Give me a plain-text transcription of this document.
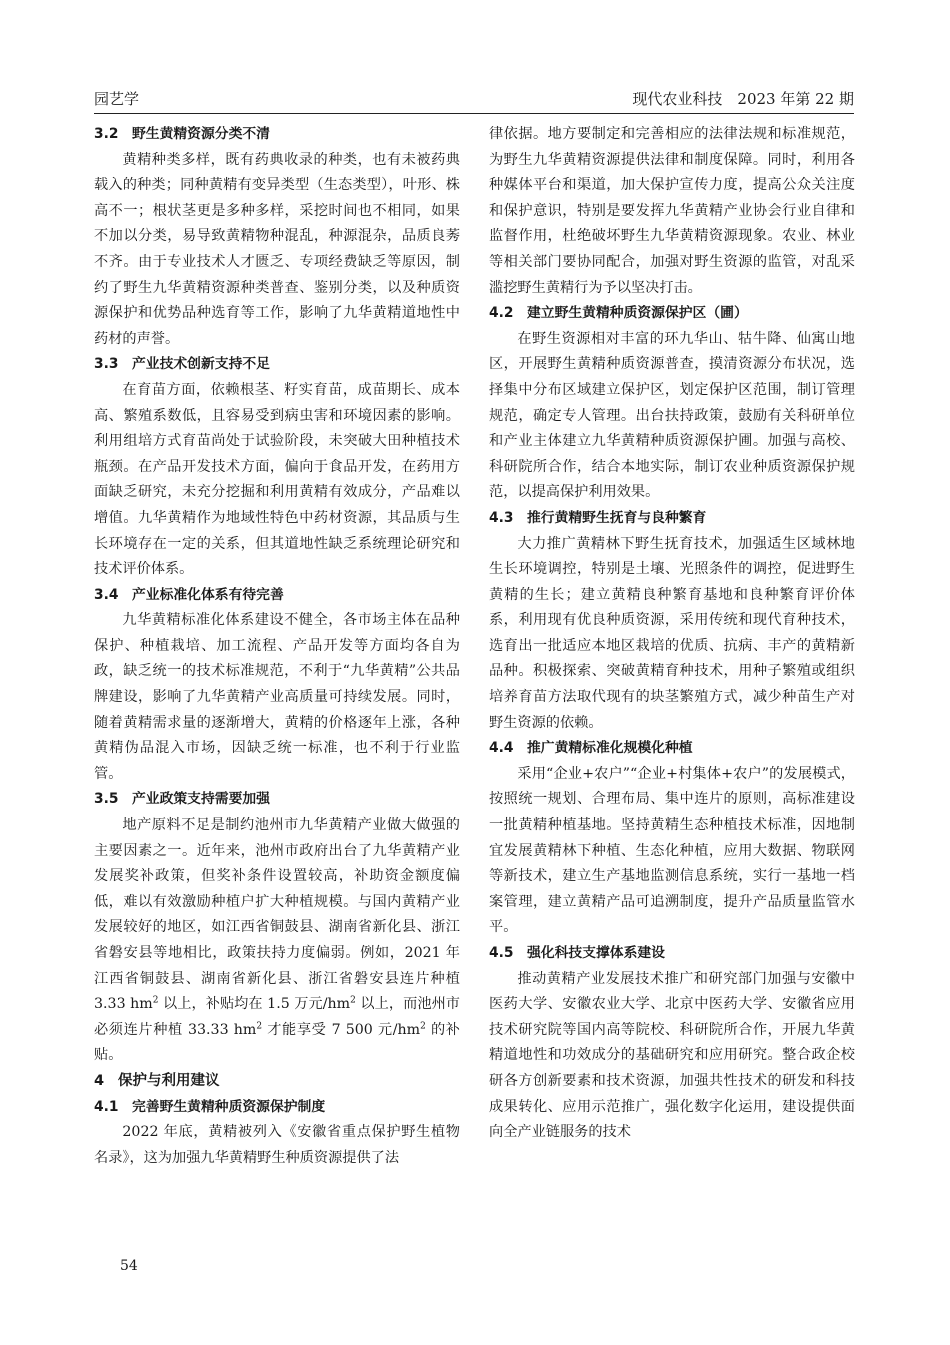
园艺学	现代农业科技　2023 年第 22 期
3.2 野生黄精资源分类不清

黄精种类多样，既有药典收录的种类，也有未被药典载入的种类；同种黄精有变异类型（生态类型），叶形、株高不一；根状茎更是多种多样，采挖时间也不相同，如果不加以分类，易导致黄精物种混乱，种源混杂，品质良莠不齐。由于专业技术人才匮乏、专项经费缺乏等原因，制约了野生九华黄精资源种类普查、鉴别分类，以及种质资源保护和优势品种选育等工作，影响了九华黄精道地性中药材的声誉。

3.3 产业技术创新支持不足

在育苗方面，依赖根茎、籽实育苗，成苗期长、成本高、繁殖系数低，且容易受到病虫害和环境因素的影响。利用组培方式育苗尚处于试验阶段，未突破大田种植技术瓶颈。在产品开发技术方面，偏向于食品开发，在药用方面缺乏研究，未充分挖掘和利用黄精有效成分，产品难以增值。九华黄精作为地域性特色中药材资源，其品质与生长环境存在一定的关系，但其道地性缺乏系统理论研究和技术评价体系。

3.4 产业标准化体系有待完善

九华黄精标准化体系建设不健全，各市场主体在品种保护、种植栽培、加工流程、产品开发等方面均各自为政，缺乏统一的技术标准规范，不利于“九华黄精”公共品牌建设，影响了九华黄精产业高质量可持续发展。同时，随着黄精需求量的逐渐增大，黄精的价格逐年上涨，各种黄精伪品混入市场，因缺乏统一标准，也不利于行业监管。

3.5 产业政策支持需要加强

地产原料不足是制约池州市九华黄精产业做大做强的主要因素之一。近年来，池州市政府出台了九华黄精产业发展奖补政策，但奖补条件设置较高，补助资金额度偏低，难以有效激励种植户扩大种植规模。与国内黄精产业发展较好的地区，如江西省铜鼓县、湖南省新化县、浙江省磐安县等地相比，政策扶持力度偏弱。例如，2021 年江西省铜鼓县、湖南省新化县、浙江省磐安县连片种植 3.33 $hm^2$ 以上，补贴均在 1.5 万元$/hm^2$ 以上，而池州市必须连片种植 33.33 $hm^2$ 才能享受 7 500 元$/hm^2$ 的补贴。

4 保护与利用建议
4.1 完善野生黄精种质资源保护制度

2022 年底，黄精被列入《安徽省重点保护野生植物名录》，这为加强九华黄精野生种质资源提供了法

律依据。地方要制定和完善相应的法律法规和标准规范，为野生九华黄精资源提供法律和制度保障。同时，利用各种媒体平台和渠道，加大保护宣传力度，提高公众关注度和保护意识，特别是要发挥九华黄精产业协会行业自律和监督作用，杜绝破坏野生九华黄精资源现象。农业、林业等相关部门要协同配合，加强对野生资源的监管，对乱采滥挖野生黄精行为予以坚决打击。

4.2 建立野生黄精种质资源保护区（圃）

在野生资源相对丰富的环九华山、牯牛降、仙寓山地区，开展野生黄精种质资源普查，摸清资源分布状况，选择集中分布区域建立保护区，划定保护区范围，制订管理规范，确定专人管理。出台扶持政策，鼓励有关科研单位和产业主体建立九华黄精种质资源保护圃。加强与高校、科研院所合作，结合本地实际，制订农业种质资源保护规范，以提高保护利用效果。

4.3 推行黄精野生抚育与良种繁育

大力推广黄精林下野生抚育技术，加强适生区域林地生长环境调控，特别是土壤、光照条件的调控，促进野生黄精的生长；建立黄精良种繁育基地和良种繁育评价体系，利用现有优良种质资源，采用传统和现代育种技术，选育出一批适应本地区栽培的优质、抗病、丰产的黄精新品种。积极探索、突破黄精育种技术，用种子繁殖或组织培养育苗方法取代现有的块茎繁殖方式，减少种苗生产对野生资源的依赖。

4.4 推广黄精标准化规模化种植

采用“企业+农户”“企业+村集体+农户”的发展模式，按照统一规划、合理布局、集中连片的原则，高标准建设一批黄精种植基地。坚持黄精生态种植技术标准，因地制宜发展黄精林下种植、生态化种植，应用大数据、物联网等新技术，建立生产基地监测信息系统，实行一基地一档案管理，建立黄精产品可追溯制度，提升产品质量监管水平。

4.5 强化科技支撑体系建设

推动黄精产业发展技术推广和研究部门加强与安徽中医药大学、安徽农业大学、北京中医药大学、安徽省应用技术研究院等国内高等院校、科研院所合作，开展九华黄精道地性和功效成分的基础研究和应用研究。整合政企校研各方创新要素和技术资源，加强共性技术的研发和科技成果转化、应用示范推广，强化数字化运用，建设提供面向全产业链服务的技术

54
